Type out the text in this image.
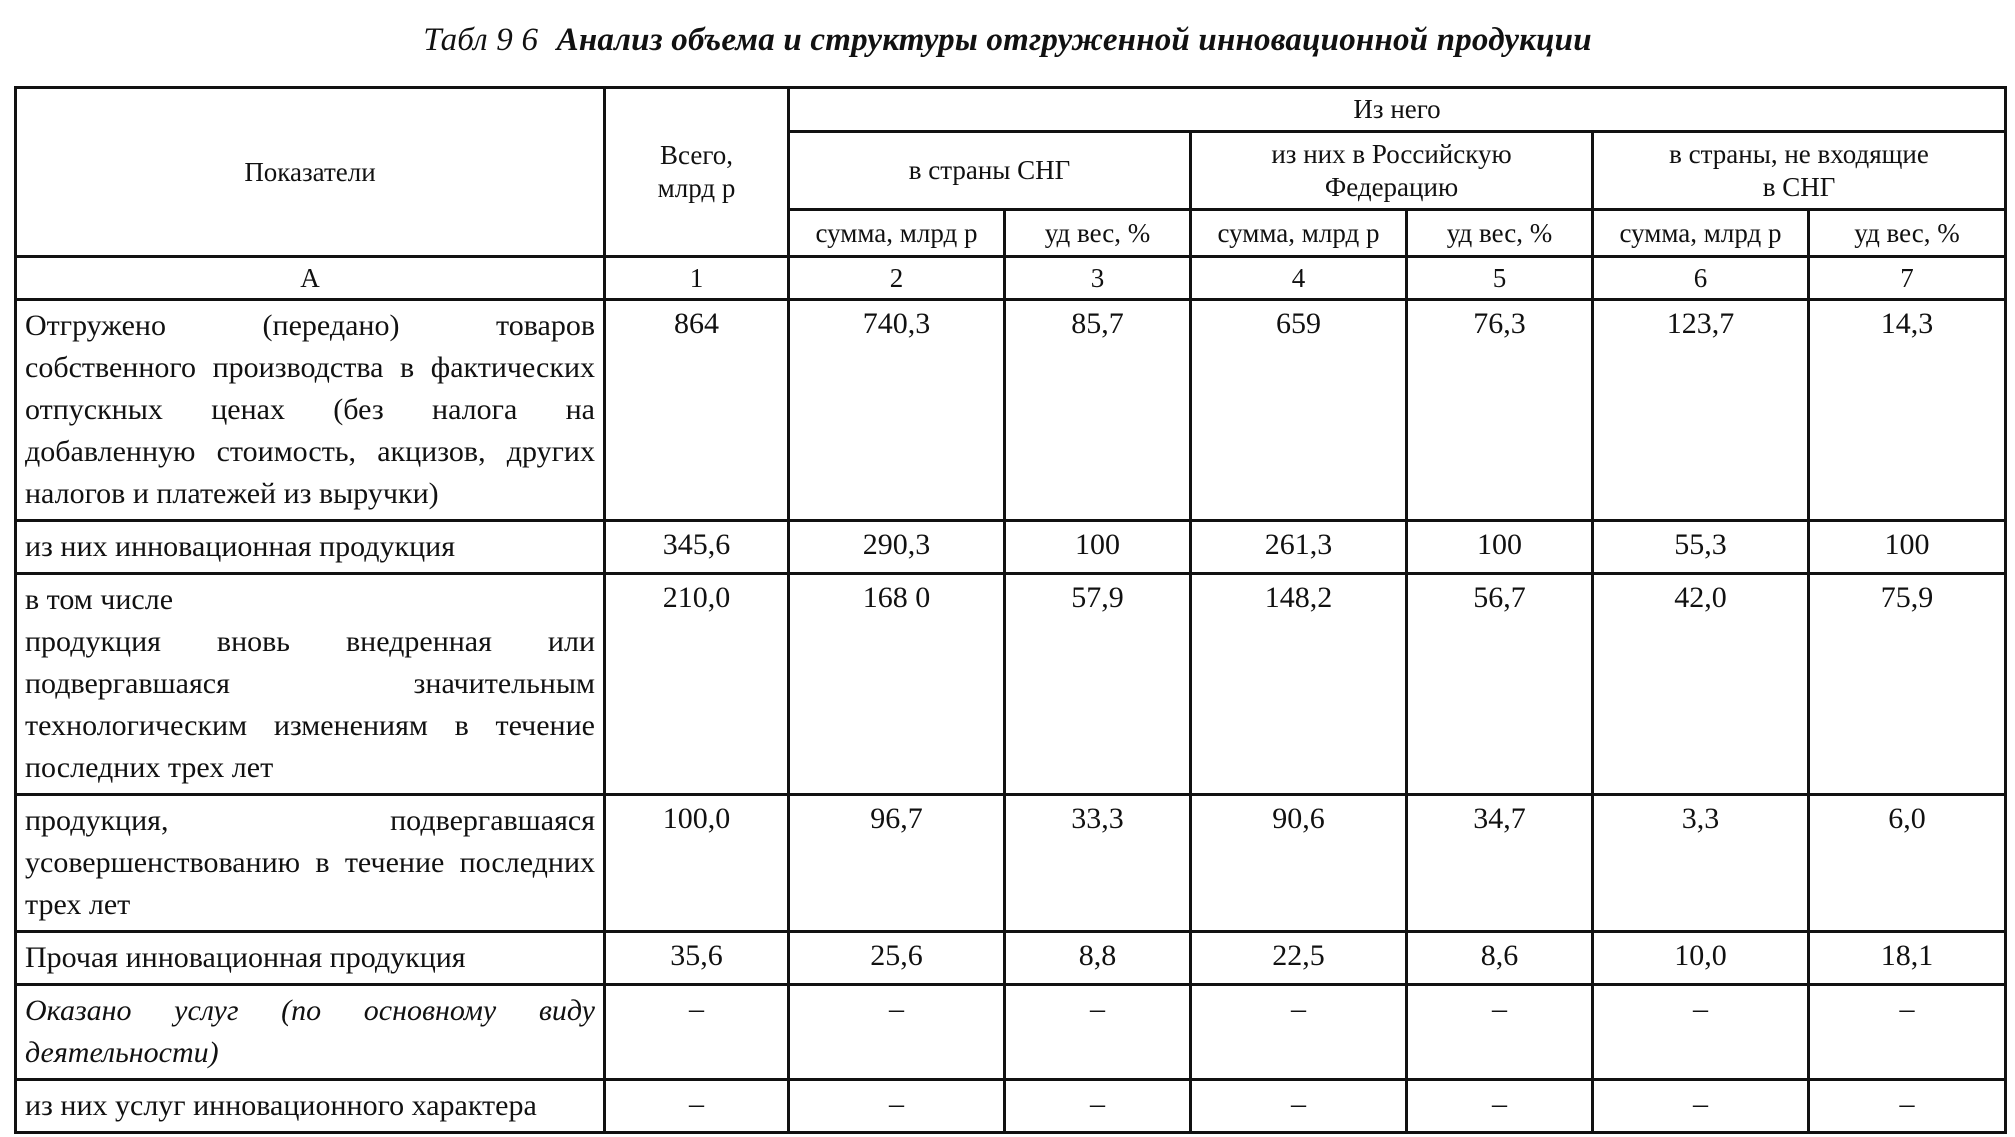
Табл 9 6 Анализ объема и структуры отгруженной инновационной продукции
Показатели	Всего, млрд р	Из него					
		в страны СНГ		из них в Российскую Федерацию		в страны, не входящие в СНГ	
		сумма, млрд р	уд вес, %	сумма, млрд р	уд вес, %	сумма, млрд р	уд вес, %
А	1	2	3	4	5	6	7
Отгружено (передано) товаров собственного производства в фактических отпускных ценах (без налога на добавленную стоимость, акцизов, других налогов и платежей из выручки)	864	740,3	85,7	659	76,3	123,7	14,3
из них инновационная продукция	345,6	290,3	100	261,3	100	55,3	100

в том числе
продукция вновь внедренная или подвергавшаяся значительным технологическим изменениям в течение последних трех лет	210,0	168 0	57,9	148,2	56,7	42,0	75,9
продукция, подвергавшаяся усовершенствованию в течение последних трех лет	100,0	96,7	33,3	90,6	34,7	3,3	6,0
Прочая инновационная продукция	35,6	25,6	8,8	22,5	8,6	10,0	18,1
Оказано услуг (по основному виду деятельности)	–	–	–	–	–	–	–
из них услуг инновационного характера	–	–	–	–	–	–	–
